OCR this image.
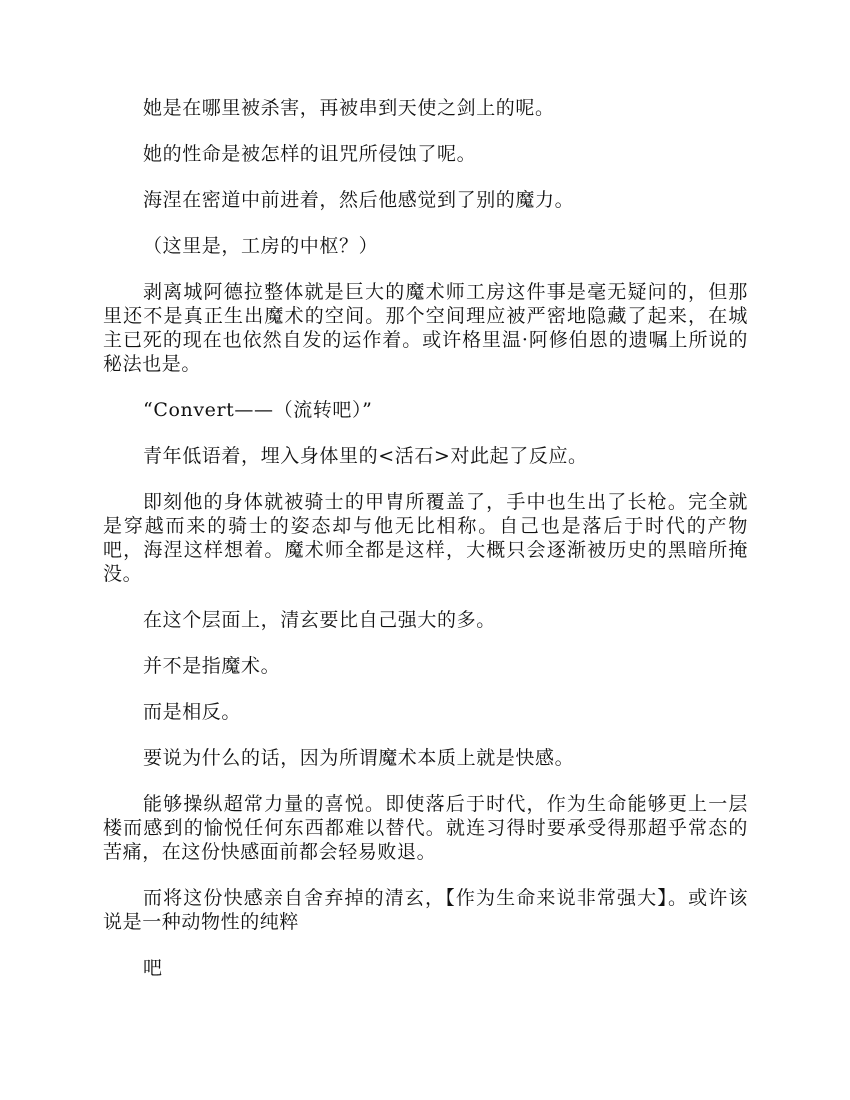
她是在哪里被杀害，再被串到天使之剑上的呢。

她的性命是被怎样的诅咒所侵蚀了呢。

海涅在密道中前进着，然后他感觉到了别的魔力。

（这里是，工房的中枢？）

剥离城阿德拉整体就是巨大的魔术师工房这件事是毫无疑问的，但那里还不是真正生出魔术的空间。那个空间理应被严密地隐藏了起来，在城主已死的现在也依然自发的运作着。或许格里温·阿修伯恩的遗嘱上所说的秘法也是。

“Convert——（流转吧）”

青年低语着，埋入身体里的<活石>对此起了反应。

即刻他的身体就被骑士的甲胄所覆盖了，手中也生出了长枪。完全就是穿越而来的骑士的姿态却与他无比相称。自己也是落后于时代的产物吧，海涅这样想着。魔术师全都是这样，大概只会逐渐被历史的黑暗所掩没。

在这个层面上，清玄要比自己强大的多。

并不是指魔术。

而是相反。

要说为什么的话，因为所谓魔术本质上就是快感。

能够操纵超常力量的喜悦。即使落后于时代，作为生命能够更上一层楼而感到的愉悦任何东西都难以替代。就连习得时要承受得那超乎常态的苦痛，在这份快感面前都会轻易败退。

而将这份快感亲自舍弃掉的清玄，【作为生命来说非常强大】。或许该说是一种动物性的纯粹

吧
